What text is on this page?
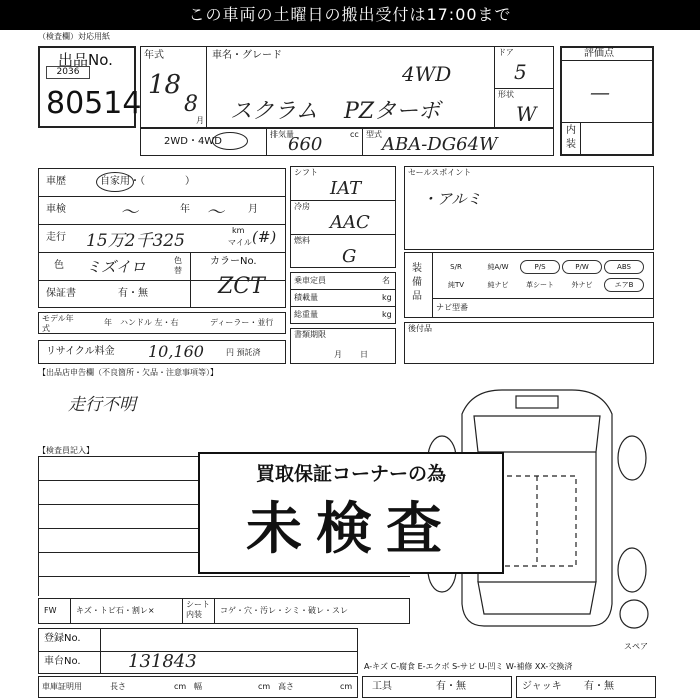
この車両の土曜日の搬出受付は17:00まで
（検査欄）対応用紙
出品No.
2036
80514
年式
18
8
月
車名・グレード
4WD
スクラム PZターボ
ドア
5
形状
W
評価点
—
内装
2WD・4WD
排気量
660	cc 型式 ABA-DG64W
車歴	自家用・（　　　　）
車検	〜	年 〜 月
走行 15万2千325
km
マイル (#)
色 ミズイロ	色替
カラーNo.
ZCT
保証書	有・無
モデル年式
年 ハンドル 左・右	ディーラー・並行
リサイクル料金 10,160	円 預託済
シフト
IAT
冷房
AAC
燃料
G
乗車定員	名
積載量	kg
総重量	kg
書類期限
月日
セールスポイント
・アルミ
装備品
S/R	純A/W	P/S	P/W	ABS
純TV	純ナビ	革シート	外ナビ	エアB
ナビ型番
後付品
【出品店申告欄（不良箇所・欠品・注意事項等）】
走行不明
【検査員記入】
スペア
買取保証コーナーの為
未検査
FW キズ・トビ石・割レ×
シート内装	コゲ・穴・汚レ・シミ・破レ・スレ
登録No.
車台No.	131843
車庫証明用	長さ	cm 幅	cm 高さ	cm
A-キズ C-腐食 E-エクボ S-サビ U-凹ミ W-補修 XX-交換済
工具	有・無	ジャッキ 有・無
